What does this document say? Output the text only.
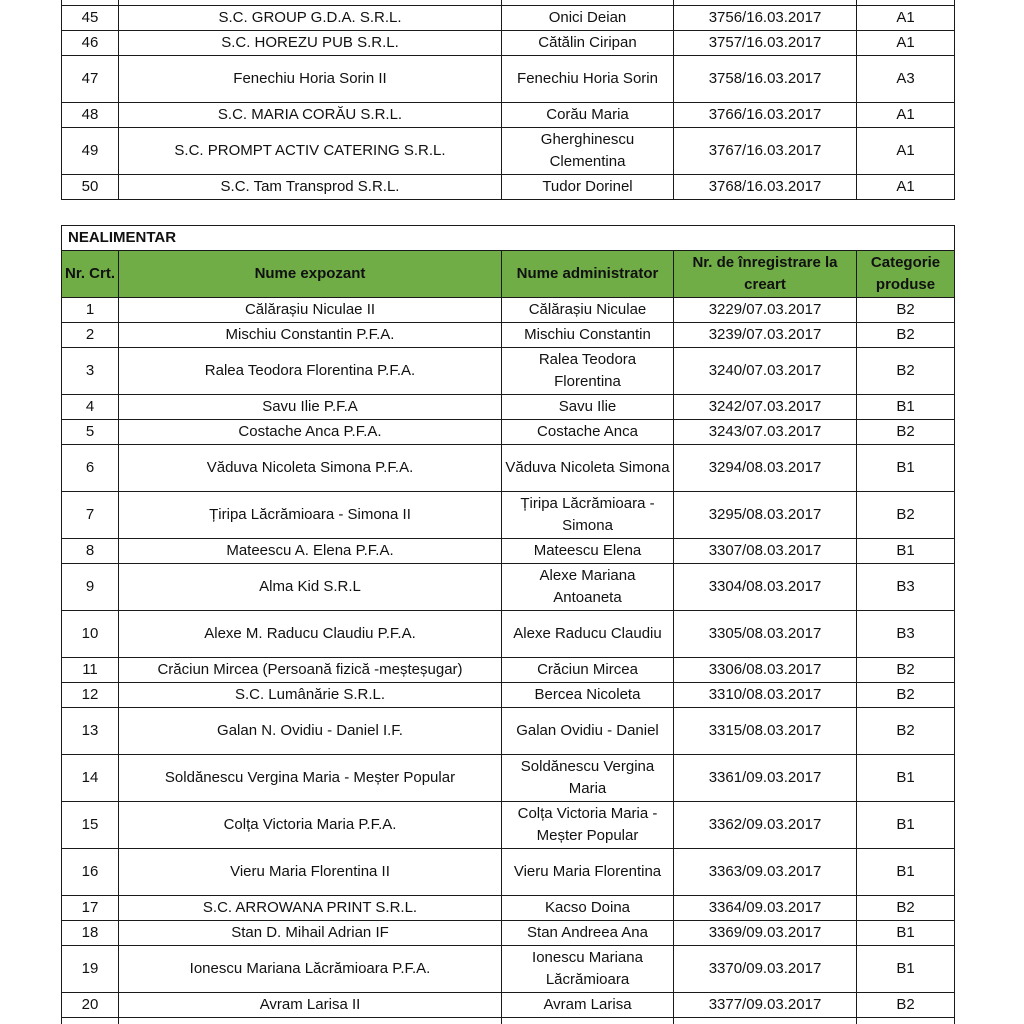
45	S.C. GROUP G.D.A. S.R.L.	Onici Deian	3756/16.03.2017	A1
46	S.C. HOREZU PUB S.R.L.	Cătălin Ciripan	3757/16.03.2017	A1
47	Fenechiu Horia Sorin II	Fenechiu Horia Sorin	3758/16.03.2017	A3
48	S.C. MARIA CORĂU S.R.L.	Corău Maria	3766/16.03.2017	A1
49	S.C. PROMPT ACTIV CATERING S.R.L.	Gherghinescu Clementina	3767/16.03.2017	A1
50	S.C. Tam Transprod S.R.L.	Tudor Dorinel	3768/16.03.2017	A1
NEALIMENTAR				
Nr. Crt.	Nume expozant	Nume administrator	Nr. de înregistrare la creart	Categorie produse
1	Călărașiu Niculae II	Călărașiu Niculae	3229/07.03.2017	B2
2	Mischiu Constantin P.F.A.	Mischiu Constantin	3239/07.03.2017	B2
3	Ralea Teodora Florentina P.F.A.	Ralea Teodora Florentina	3240/07.03.2017	B2
4	Savu Ilie P.F.A	Savu Ilie	3242/07.03.2017	B1
5	Costache Anca P.F.A.	Costache Anca	3243/07.03.2017	B2
6	Văduva Nicoleta Simona P.F.A.	Văduva Nicoleta Simona	3294/08.03.2017	B1
7	Țiripa Lăcrămioara - Simona II	Țiripa Lăcrămioara - Simona	3295/08.03.2017	B2
8	Mateescu A. Elena P.F.A.	Mateescu Elena	3307/08.03.2017	B1
9	Alma Kid S.R.L	Alexe Mariana Antoaneta	3304/08.03.2017	B3
10	Alexe M. Raducu Claudiu P.F.A.	Alexe Raducu Claudiu	3305/08.03.2017	B3
11	Crăciun Mircea (Persoană fizică -meșteșugar)	Crăciun Mircea	3306/08.03.2017	B2
12	S.C. Lumânărie S.R.L.	Bercea Nicoleta	3310/08.03.2017	B2
13	Galan N. Ovidiu - Daniel I.F.	Galan Ovidiu - Daniel	3315/08.03.2017	B2
14	Soldănescu Vergina Maria - Meșter Popular	Soldănescu Vergina Maria	3361/09.03.2017	B1
15	Colța Victoria Maria P.F.A.	Colța Victoria Maria - Meșter Popular	3362/09.03.2017	B1
16	Vieru Maria Florentina II	Vieru Maria Florentina	3363/09.03.2017	B1
17	S.C. ARROWANA PRINT S.R.L.	Kacso Doina	3364/09.03.2017	B2
18	Stan D. Mihail Adrian IF	Stan Andreea Ana	3369/09.03.2017	B1
19	Ionescu Mariana Lăcrămioara P.F.A.	Ionescu Mariana Lăcrămioara	3370/09.03.2017	B1
20	Avram Larisa II	Avram Larisa	3377/09.03.2017	B2
